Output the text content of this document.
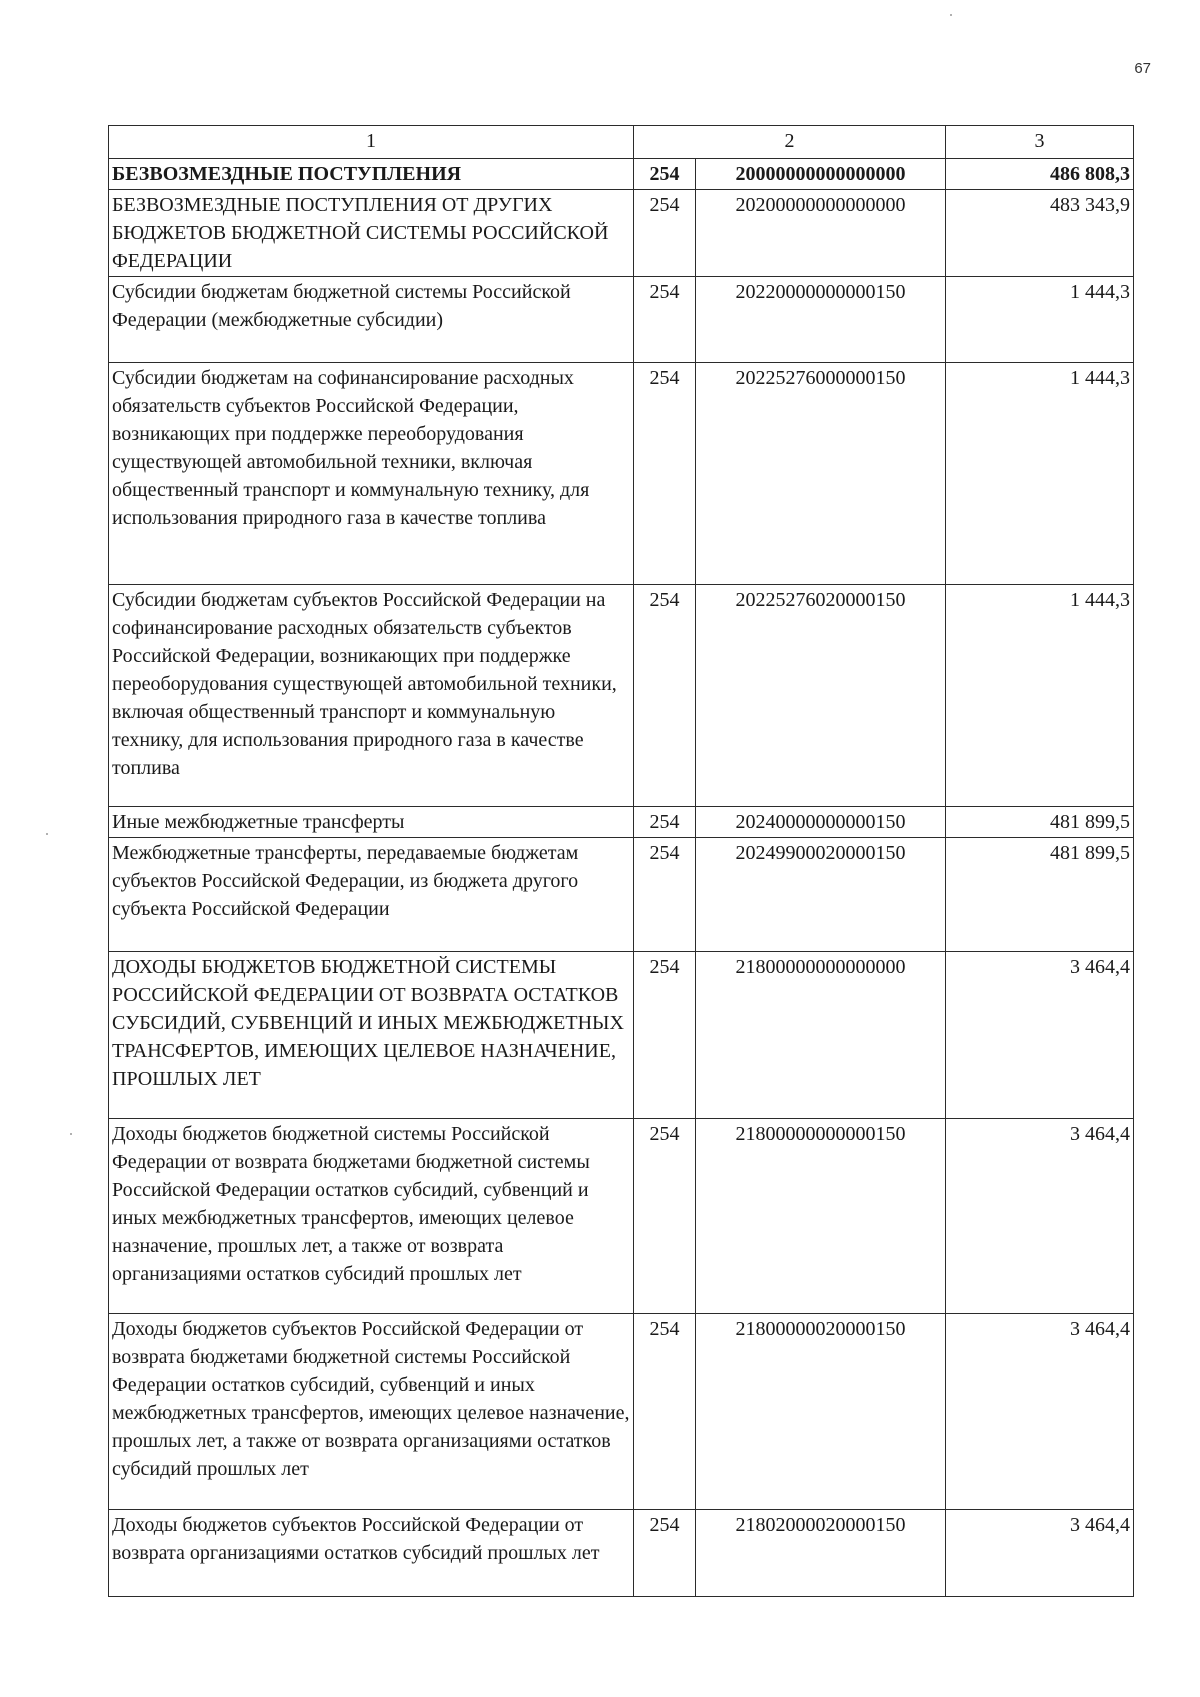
67
1	2		3
БЕЗВОЗМЕЗДНЫЕ ПОСТУПЛЕНИЯ	254	20000000000000000	486 808,3
БЕЗВОЗМЕЗДНЫЕ ПОСТУПЛЕНИЯ ОТ ДРУГИХ БЮДЖЕТОВ БЮДЖЕТНОЙ СИСТЕМЫ РОССИЙСКОЙ ФЕДЕРАЦИИ	254	20200000000000000	483 343,9
Субсидии бюджетам бюджетной системы Российской Федерации (межбюджетные субсидии)	254	20220000000000150	1 444,3
Субсидии бюджетам на софинансирование расходных обязательств субъектов Российской Федерации, возникающих при поддержке переоборудования существующей автомобильной техники, включая общественный транспорт и коммунальную технику, для использования природного газа в качестве топлива	254	20225276000000150	1 444,3
Субсидии бюджетам субъектов Российской Федерации на софинансирование расходных обязательств субъектов Российской Федерации, возникающих при поддержке переоборудования существующей автомобильной техники, включая общественный транспорт и коммунальную технику, для использования природного газа в качестве топлива	254	20225276020000150	1 444,3
Иные межбюджетные трансферты	254	20240000000000150	481 899,5
Межбюджетные трансферты, передаваемые бюджетам субъектов Российской Федерации, из бюджета другого субъекта Российской Федерации	254	20249900020000150	481 899,5
ДОХОДЫ БЮДЖЕТОВ БЮДЖЕТНОЙ СИСТЕМЫ РОССИЙСКОЙ ФЕДЕРАЦИИ ОТ ВОЗВРАТА ОСТАТКОВ СУБСИДИЙ, СУБВЕНЦИЙ И ИНЫХ МЕЖБЮДЖЕТНЫХ ТРАНСФЕРТОВ, ИМЕЮЩИХ ЦЕЛЕВОЕ НАЗНАЧЕНИЕ, ПРОШЛЫХ ЛЕТ	254	21800000000000000	3 464,4
Доходы бюджетов бюджетной системы Российской Федерации от возврата бюджетами бюджетной системы Российской Федерации остатков субсидий, субвенций и иных межбюджетных трансфертов, имеющих целевое назначение, прошлых лет, а также от возврата организациями остатков субсидий прошлых лет	254	21800000000000150	3 464,4
Доходы бюджетов субъектов Российской Федерации от возврата бюджетами бюджетной системы Российской Федерации остатков субсидий, субвенций и иных межбюджетных трансфертов, имеющих целевое назначение, прошлых лет, а также от возврата организациями остатков субсидий прошлых лет	254	21800000020000150	3 464,4
Доходы бюджетов субъектов Российской Федерации от возврата организациями остатков субсидий прошлых лет	254	21802000020000150	3 464,4
